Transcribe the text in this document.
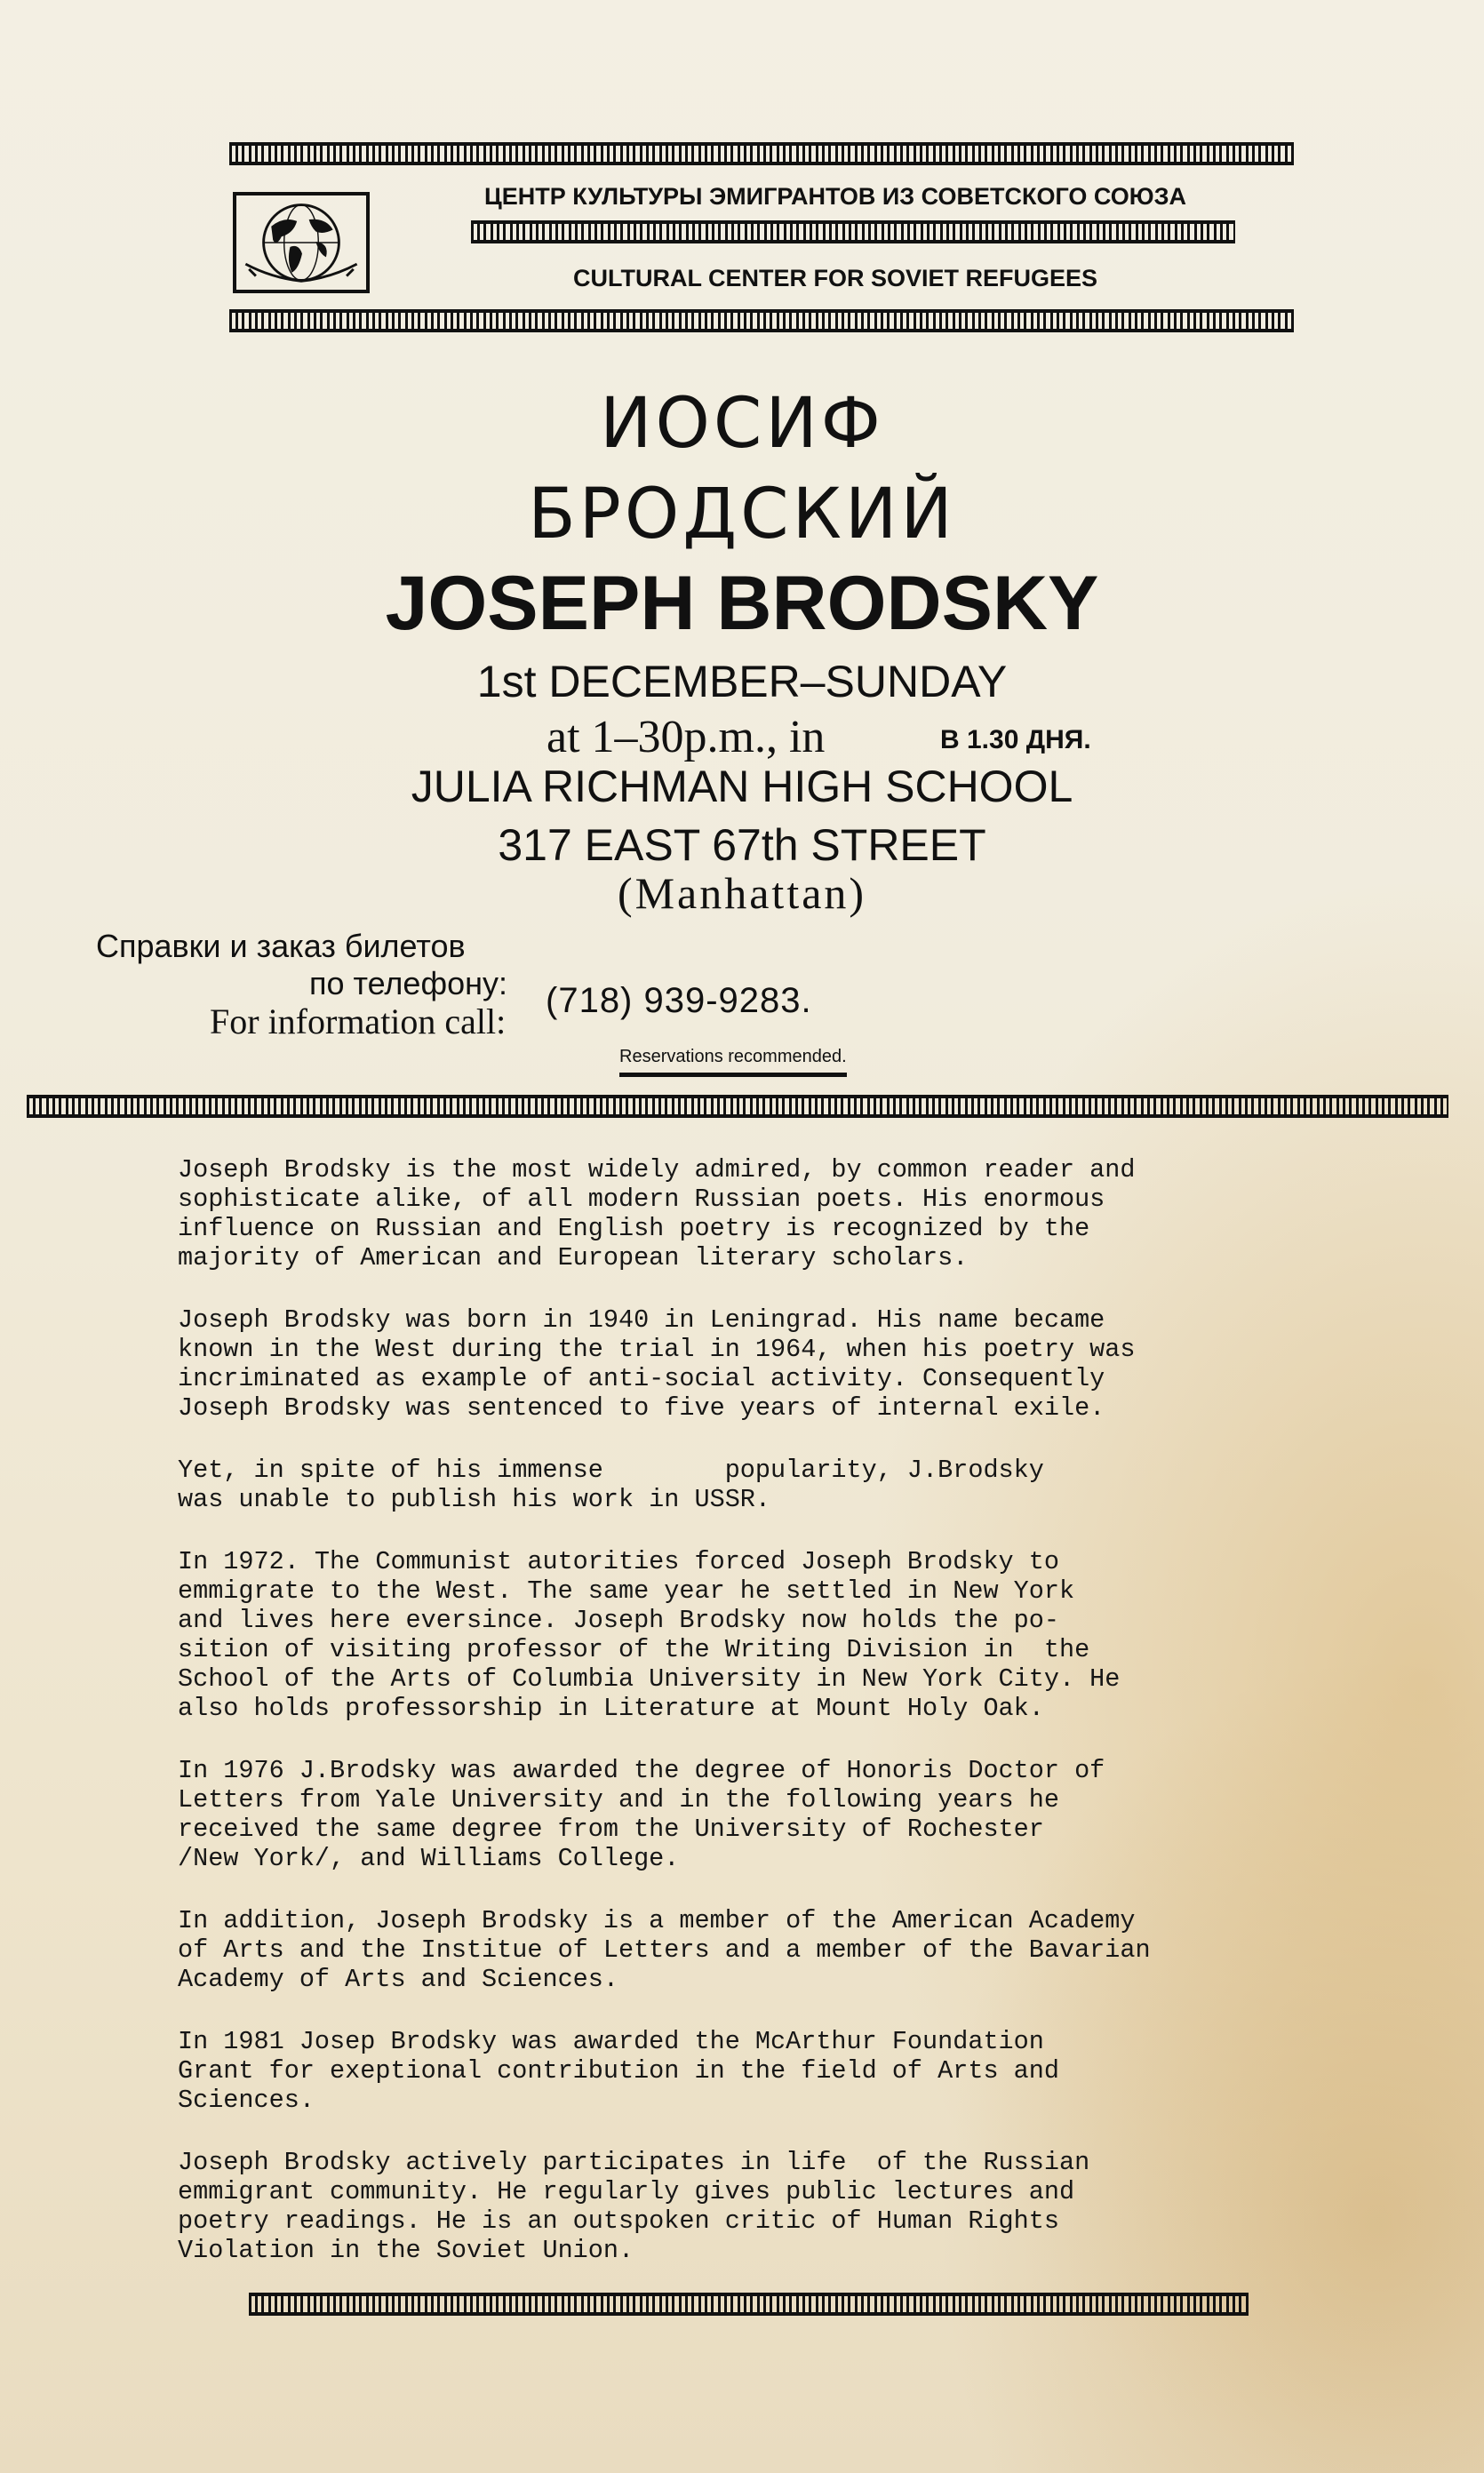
ЦЕНТР КУЛЬТУРЫ ЭМИГРАНТОВ ИЗ СОВЕТСКОГО СОЮЗА
CULTURAL CENTER FOR SOVIET REFUGEES
ИОСИФ
БРОДСКИЙ
JOSEPH BRODSKY
1st DECEMBER–SUNDAY
at 1–30p.m., in	В 1.30 ДНЯ.
JULIA RICHMAN HIGH SCHOOL
317 EAST 67th STREET
(Manhattan)
Справки и заказ билетов
по телефону:
For information call:
(718) 939-9283.
Reservations recommended.

Joseph Brodsky is the most widely admired, by common reader and
sophisticate alike, of all modern Russian poets. His enormous
influence on Russian and English poetry is recognized by the
majority of American and European literary scholars.

Joseph Brodsky was born in 1940 in Leningrad. His name became
known in the West during the trial in 1964, when his poetry was
incriminated as example of anti-social activity. Consequently
Joseph Brodsky was sentenced to five years of internal exile.

Yet, in spite of his immense        popularity, J.Brodsky
was unable to publish his work in USSR.

In 1972. The Communist autorities forced Joseph Brodsky to
emmigrate to the West. The same year he settled in New York
and lives here eversince. Joseph Brodsky now holds the po-
sition of visiting professor of the Writing Division in  the
School of the Arts of Columbia University in New York City. He
also holds professorship in Literature at Mount Holy Oak.

In 1976 J.Brodsky was awarded the degree of Honoris Doctor of
Letters from Yale University and in the following years he
received the same degree from the University of Rochester
/New York/, and Williams College.

In addition, Joseph Brodsky is a member of the American Academy
of Arts and the Institue of Letters and a member of the Bavarian
Academy of Arts and Sciences.

In 1981 Josep Brodsky was awarded the McArthur Foundation
Grant for exeptional contribution in the field of Arts and
Sciences.

Joseph Brodsky actively participates in life  of the Russian
emmigrant community. He regularly gives public lectures and
poetry readings. He is an outspoken critic of Human Rights
Violation in the Soviet Union.
